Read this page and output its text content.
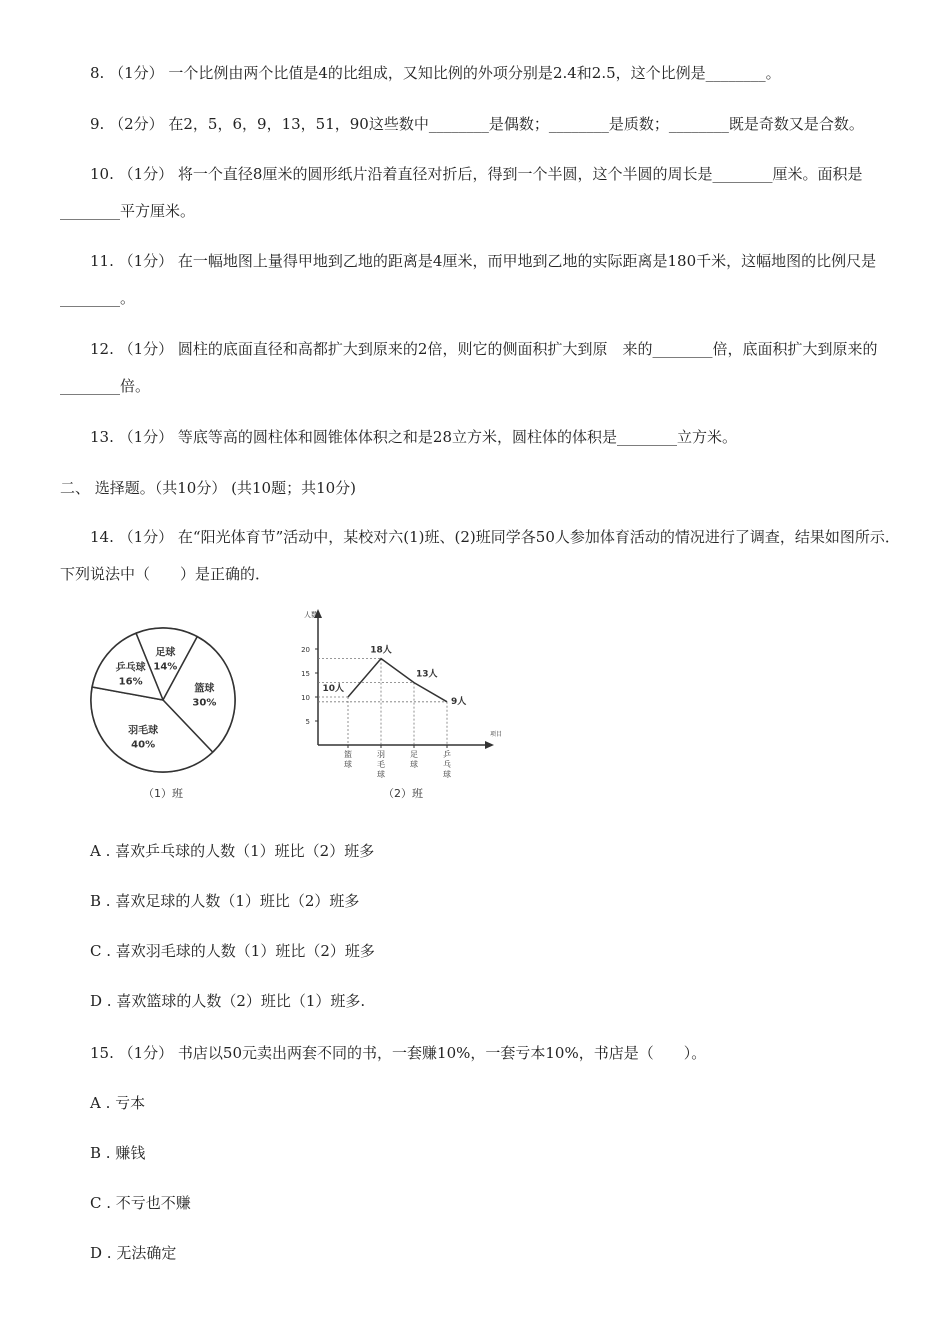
8. （1分） 一个比例由两个比值是4的比组成，又知比例的外项分别是2.4和2.5，这个比例是________。
9. （2分） 在2，5，6，9，13，51，90这些数中________是偶数；________是质数；________既是奇数又是合数。
10. （1分） 将一个直径8厘米的圆形纸片沿着直径对折后，得到一个半圆，这个半圆的周长是________厘米。面积是________平方厘米。
11. （1分） 在一幅地图上量得甲地到乙地的距离是4厘米，而甲地到乙地的实际距离是180千米，这幅地图的比例尺是________。
12. （1分） 圆柱的底面直径和高都扩大到原来的2倍，则它的侧面积扩大到原　来的________倍，底面积扩大到原来的________倍。
13. （1分） 等底等高的圆柱体和圆锥体体积之和是28立方米，圆柱体的体积是________立方米。
二、 选择题。（共10分） (共10题；共10分)
14. （1分） 在“阳光体育节”活动中，某校对六(1)班、(2)班同学各50人参加体育活动的情况进行了调查，结果如图所示．下列说法中（　　）是正确的．
足球
14%
篮球
30%
羽毛球
40%
乒乓球
16%
（1）班
人数
项目
5
10
15
20
篮球
羽毛球
足球
乒乓球
10人
18人
13人
9人
（2）班
A . 喜欢乒乓球的人数（1）班比（2）班多
B . 喜欢足球的人数（1）班比（2）班多
C . 喜欢羽毛球的人数（1）班比（2）班多
D . 喜欢篮球的人数（2）班比（1）班多.
15. （1分） 书店以50元卖出两套不同的书，一套赚10%，一套亏本10%，书店是（　　）。
A . 亏本
B . 赚钱
C . 不亏也不赚
D . 无法确定
